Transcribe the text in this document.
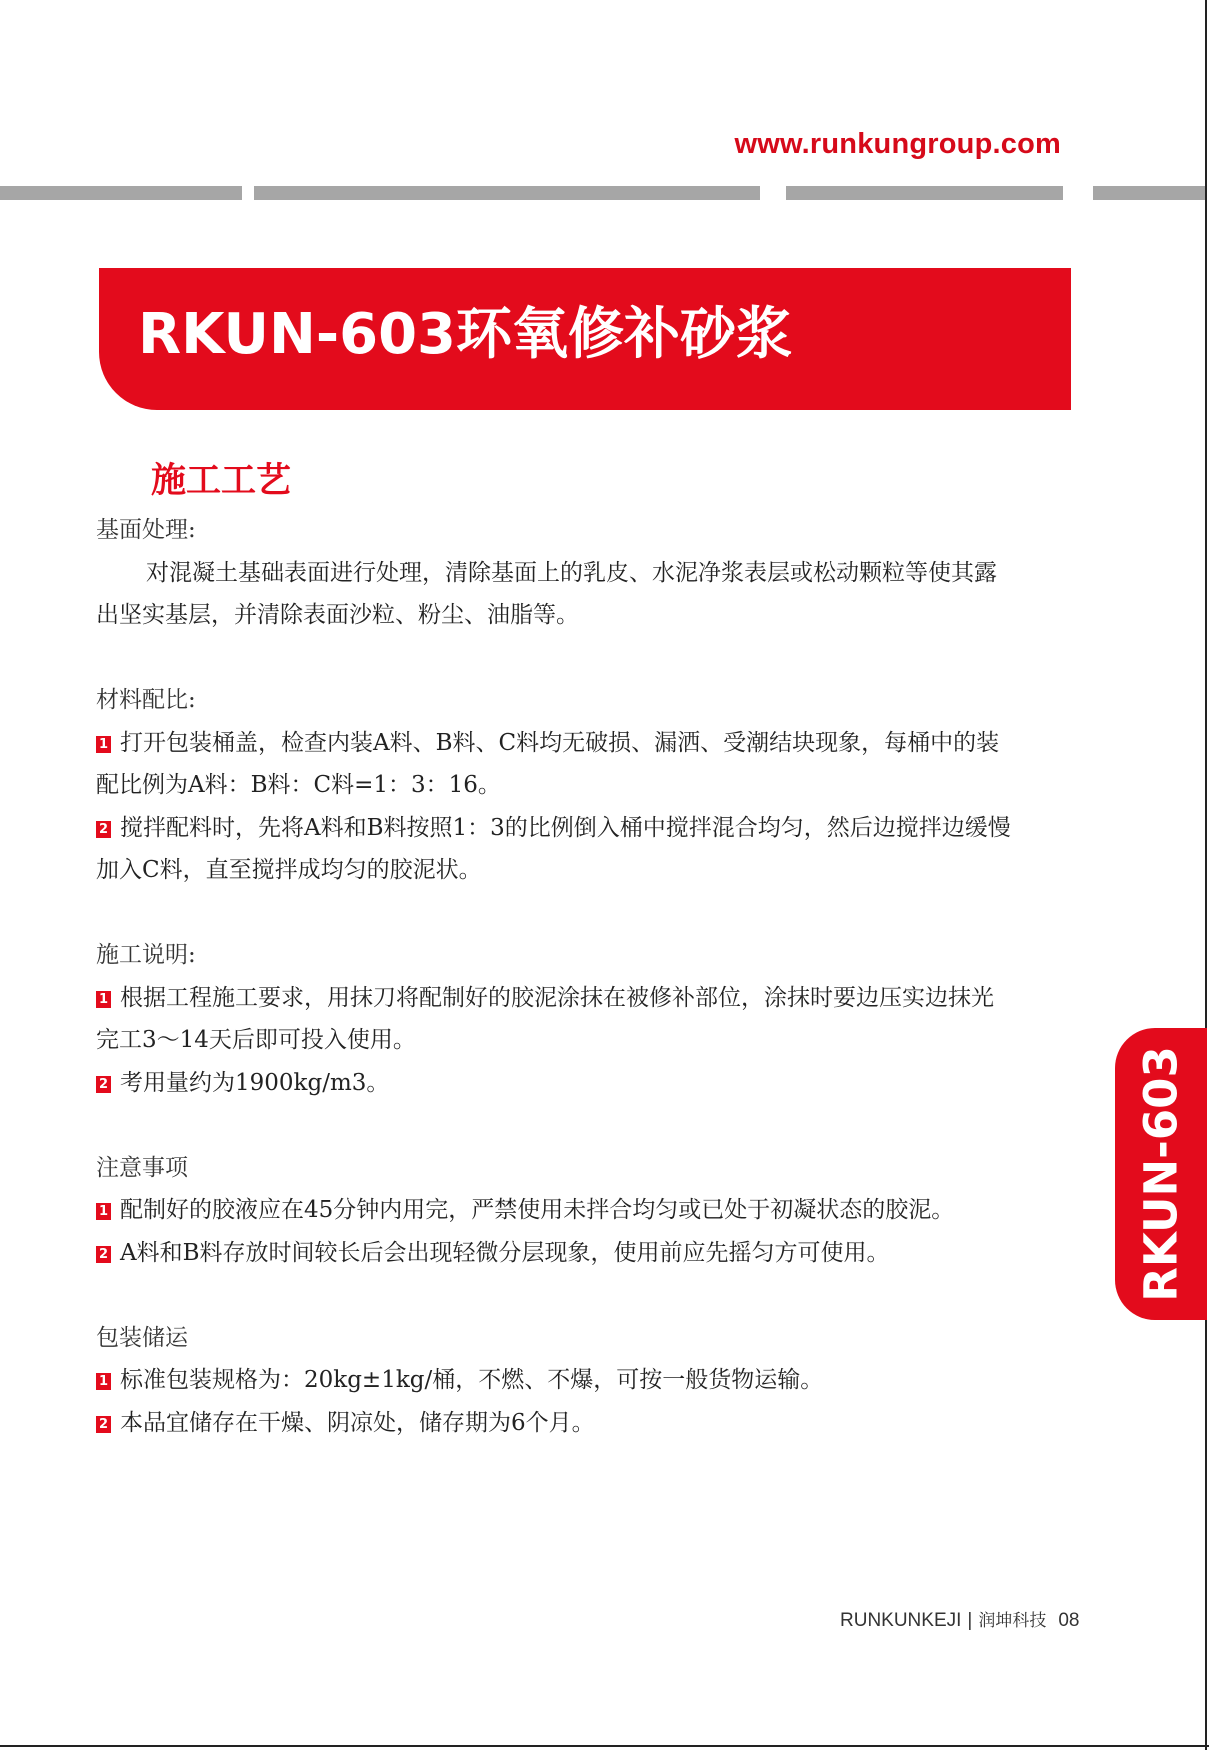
www.runkungroup.com
RKUN-603环氧修补砂浆
施工工艺

基面处理:

对混凝土基础表面进行处理，清除基面上的乳皮、水泥净浆表层或松动颗粒等使其露

出坚实基层，并清除表面沙粒、粉尘、油脂等。

材料配比:

1 打开包装桶盖，检查内装A料、B料、C料均无破损、漏洒、受潮结块现象，每桶中的装

配比例为A料：B料：C料=1：3：16。

2 搅拌配料时，先将A料和B料按照1：3的比例倒入桶中搅拌混合均匀，然后边搅拌边缓慢

加入C料，直至搅拌成均匀的胶泥状。

施工说明:

1 根据工程施工要求，用抹刀将配制好的胶泥涂抹在被修补部位，涂抹时要边压实边抹光

完工3～14天后即可投入使用。

2 考用量约为1900kg/m3。

注意事项

1 配制好的胶液应在45分钟内用完，严禁使用未拌合均匀或已处于初凝状态的胶泥。

2 A料和B料存放时间较长后会出现轻微分层现象，使用前应先摇匀方可使用。

包装储运

1 标准包装规格为：20kg±1kg/桶，不燃、不爆，可按一般货物运输。

2 本品宜储存在干燥、阴凉处，储存期为6个月。

RKUN-603
RUNKUNKEJI | 润坤科技 08
